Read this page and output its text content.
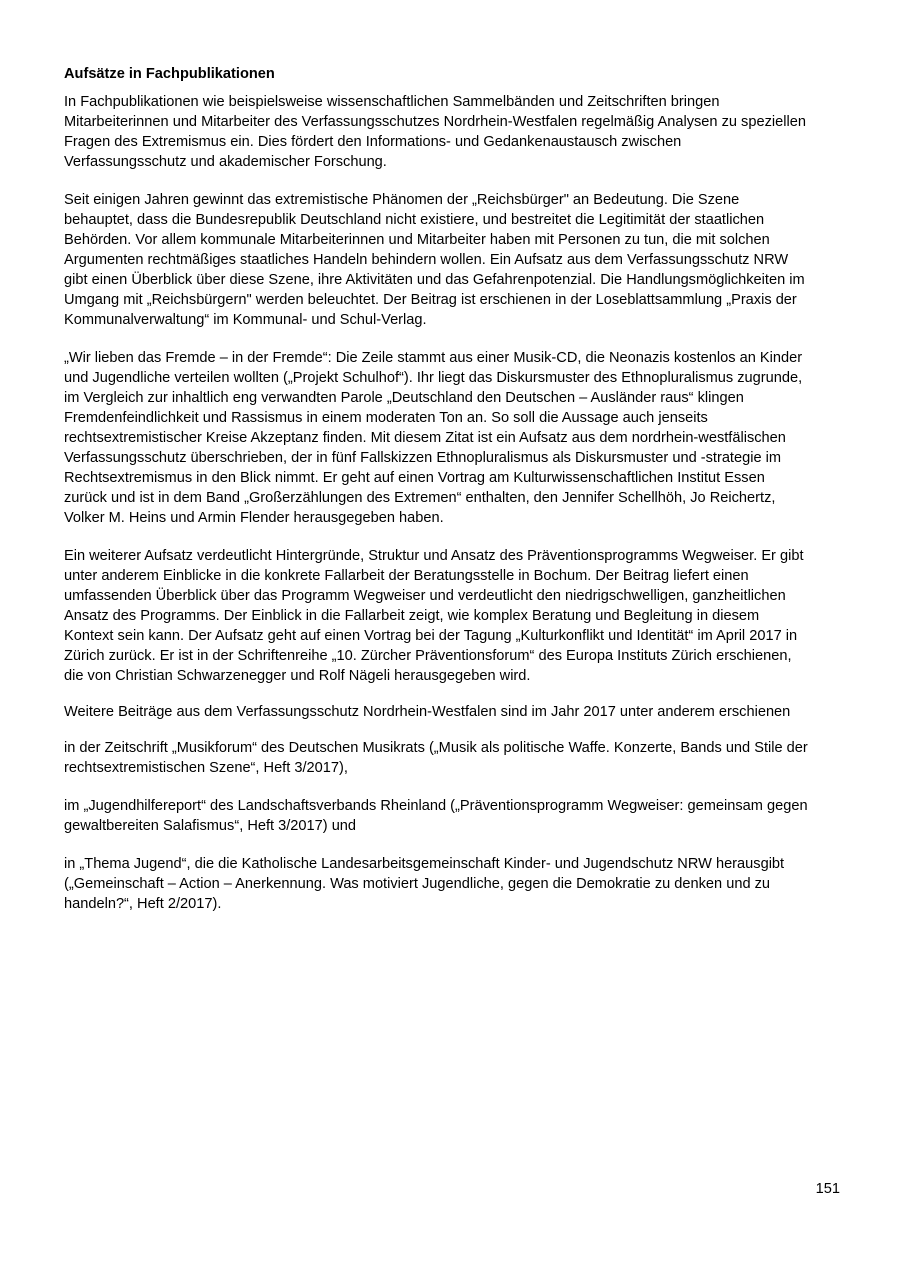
Aufsätze in Fachpublikationen

In Fachpublikationen wie beispielsweise wissenschaftlichen Sammelbänden und Zeitschriften bringen
Mitarbeiterinnen und Mitarbeiter des Verfassungsschutzes Nordrhein-Westfalen regelmäßig Analysen zu speziellen
Fragen des Extremismus ein. Dies fördert den Informations- und Gedankenaustausch zwischen
Verfassungsschutz und akademischer Forschung.

Seit einigen Jahren gewinnt das extremistische Phänomen der „Reichsbürger" an Bedeutung. Die Szene
behauptet, dass die Bundesrepublik Deutschland nicht existiere, und bestreitet die Legitimität der staatlichen
Behörden. Vor allem kommunale Mitarbeiterinnen und Mitarbeiter haben mit Personen zu tun, die mit solchen
Argumenten rechtmäßiges staatliches Handeln behindern wollen. Ein Aufsatz aus dem Verfassungsschutz NRW
gibt einen Überblick über diese Szene, ihre Aktivitäten und das Gefahrenpotenzial. Die Handlungsmöglichkeiten im
Umgang mit „Reichsbürgern" werden beleuchtet. Der Beitrag ist erschienen in der Loseblattsammlung „Praxis der
Kommunalverwaltung“ im Kommunal- und Schul-Verlag.

„Wir lieben das Fremde – in der Fremde“: Die Zeile stammt aus einer Musik-CD, die Neonazis kostenlos an Kinder
und Jugendliche verteilen wollten („Projekt Schulhof“). Ihr liegt das Diskursmuster des Ethnopluralismus zugrunde,
im Vergleich zur inhaltlich eng verwandten Parole „Deutschland den Deutschen – Ausländer raus“ klingen
Fremdenfeindlichkeit und Rassismus in einem moderaten Ton an. So soll die Aussage auch jenseits
rechtsextremistischer Kreise Akzeptanz finden. Mit diesem Zitat ist ein Aufsatz aus dem nordrhein-westfälischen
Verfassungsschutz überschrieben, der in fünf Fallskizzen Ethnopluralismus als Diskursmuster und -strategie im
Rechtsextremismus in den Blick nimmt. Er geht auf einen Vortrag am Kulturwissenschaftlichen Institut Essen
zurück und ist in dem Band „Großerzählungen des Extremen“ enthalten, den Jennifer Schellhöh, Jo Reichertz,
Volker M. Heins und Armin Flender herausgegeben haben.

Ein weiterer Aufsatz verdeutlicht Hintergründe, Struktur und Ansatz des Präventionsprogramms Wegweiser. Er gibt
unter anderem Einblicke in die konkrete Fallarbeit der Beratungsstelle in Bochum. Der Beitrag liefert einen
umfassenden Überblick über das Programm Wegweiser und verdeutlicht den niedrigschwelligen, ganzheitlichen
Ansatz des Programms. Der Einblick in die Fallarbeit zeigt, wie komplex Beratung und Begleitung in diesem
Kontext sein kann. Der Aufsatz geht auf einen Vortrag bei der Tagung „Kulturkonflikt und Identität“ im April 2017 in
Zürich zurück. Er ist in der Schriftenreihe „10. Zürcher Präventionsforum“ des Europa Instituts Zürich erschienen,
die von Christian Schwarzenegger und Rolf Nägeli herausgegeben wird.

Weitere Beiträge aus dem Verfassungsschutz Nordrhein-Westfalen sind im Jahr 2017 unter anderem erschienen

in der Zeitschrift „Musikforum“ des Deutschen Musikrats („Musik als politische Waffe. Konzerte, Bands und Stile der
rechtsextremistischen Szene“, Heft 3/2017),

im „Jugendhilfereport“ des Landschaftsverbands Rheinland („Präventionsprogramm Wegweiser: gemeinsam gegen
gewaltbereiten Salafismus“, Heft 3/2017) und

in „Thema Jugend“, die die Katholische Landesarbeitsgemeinschaft Kinder- und Jugendschutz NRW herausgibt
(„Gemeinschaft – Action – Anerkennung. Was motiviert Jugendliche, gegen die Demokratie zu denken und zu
handeln?“, Heft 2/2017).

151
